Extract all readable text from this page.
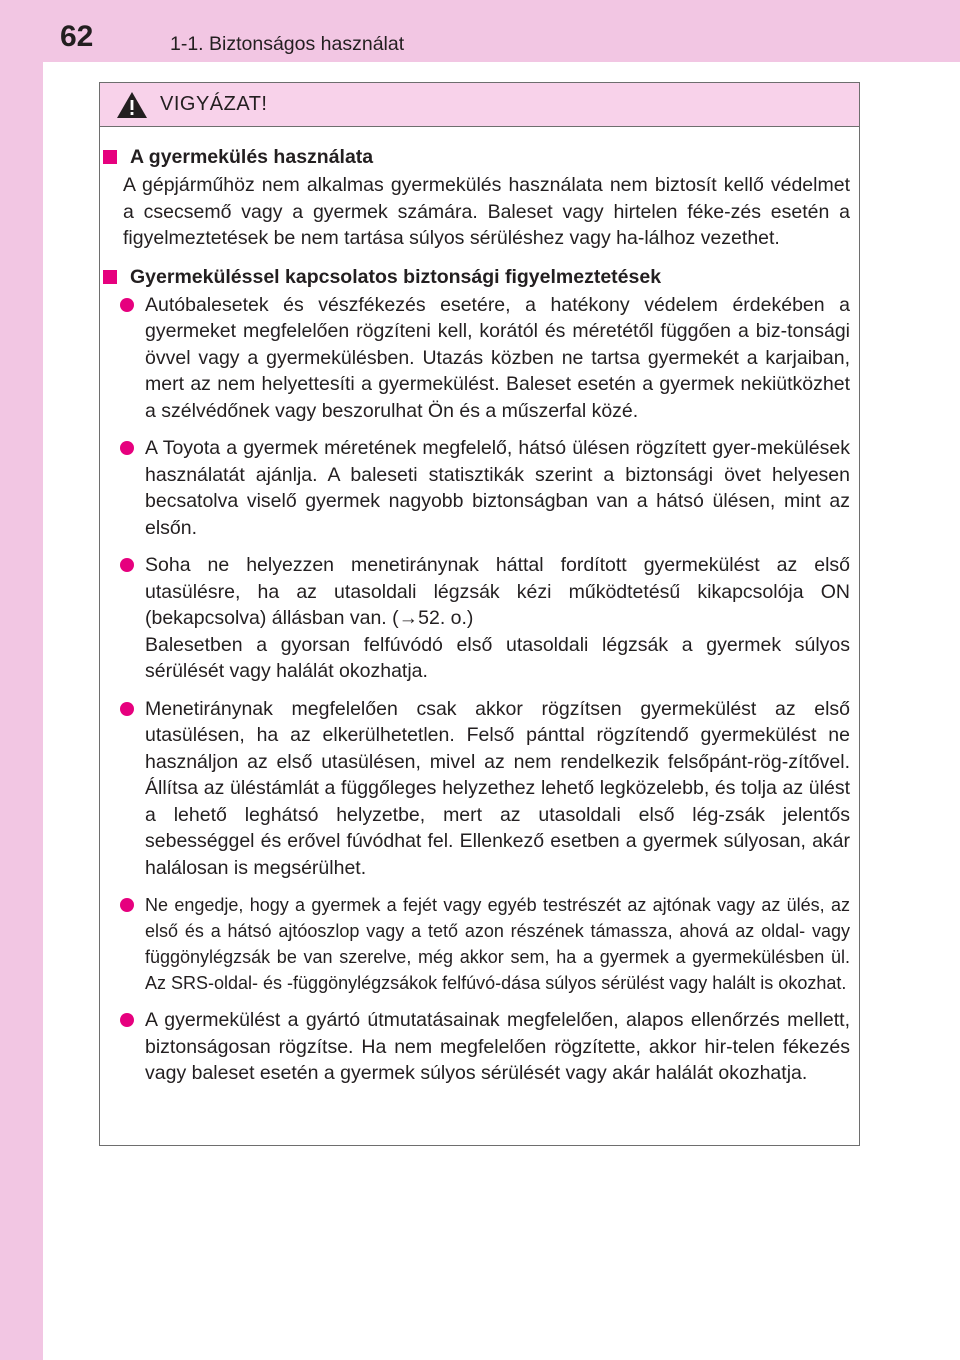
62	1-1. Biztonságos használat
VIGYÁZAT!
A gyermekülés használata
A gépjárműhöz nem alkalmas gyermekülés használata nem biztosít kellő védelmet a csecsemő vagy a gyermek számára. Baleset vagy hirtelen féke-zés esetén a figyelmeztetések be nem tartása súlyos sérüléshez vagy ha-lálhoz vezethet.
Gyermeküléssel kapcsolatos biztonsági figyelmeztetések
Autóbalesetek és vészfékezés esetére, a hatékony védelem érdekében a gyermeket megfelelően rögzíteni kell, korától és méretétől függően a biz-tonsági övvel vagy a gyermekülésben. Utazás közben ne tartsa gyermekét a karjaiban, mert az nem helyettesíti a gyermekülést. Baleset esetén a gyermek nekiütközhet a szélvédőnek vagy beszorulhat Ön és a műszerfal közé.
A Toyota a gyermek méretének megfelelő, hátsó ülésen rögzített gyer-mekülések használatát ajánlja. A baleseti statisztikák szerint a biztonsági övet helyesen becsatolva viselő gyermek nagyobb biztonságban van a hátsó ülésen, mint az elsőn.
Soha ne helyezzen menetiránynak háttal fordított gyermekülést az első utasülésre, ha az utasoldali légzsák kézi működtetésű kikapcsolója ON (bekapcsolva) állásban van. (→52. o.)
Balesetben a gyorsan felfúvódó első utasoldali légzsák a gyermek súlyos sérülését vagy halálát okozhatja.
Menetiránynak megfelelően csak akkor rögzítsen gyermekülést az első utasülésen, ha az elkerülhetetlen. Felső pánttal rögzítendő gyermekülést ne használjon az első utasülésen, mivel az nem rendelkezik felsőpánt-rög-zítővel. Állítsa az üléstámlát a függőleges helyzethez lehető legközelebb, és tolja az ülést a lehető leghátsó helyzetbe, mert az utasoldali első lég-zsák jelentős sebességgel és erővel fúvódhat fel. Ellenkező esetben a gyermek súlyosan, akár halálosan is megsérülhet.
Ne engedje, hogy a gyermek a fejét vagy egyéb testrészét az ajtónak vagy az ülés, az első és a hátsó ajtóoszlop vagy a tető azon részének támassza, ahová az oldal- vagy függönylégzsák be van szerelve, még akkor sem, ha a gyermek a gyermekülésben ül. Az SRS-oldal- és -függönylégzsákok felfúvó-dása súlyos sérülést vagy halált is okozhat.
A gyermekülést a gyártó útmutatásainak megfelelően, alapos ellenőrzés mellett, biztonságosan rögzítse. Ha nem megfelelően rögzítette, akkor hir-telen fékezés vagy baleset esetén a gyermek súlyos sérülését vagy akár halálát okozhatja.
